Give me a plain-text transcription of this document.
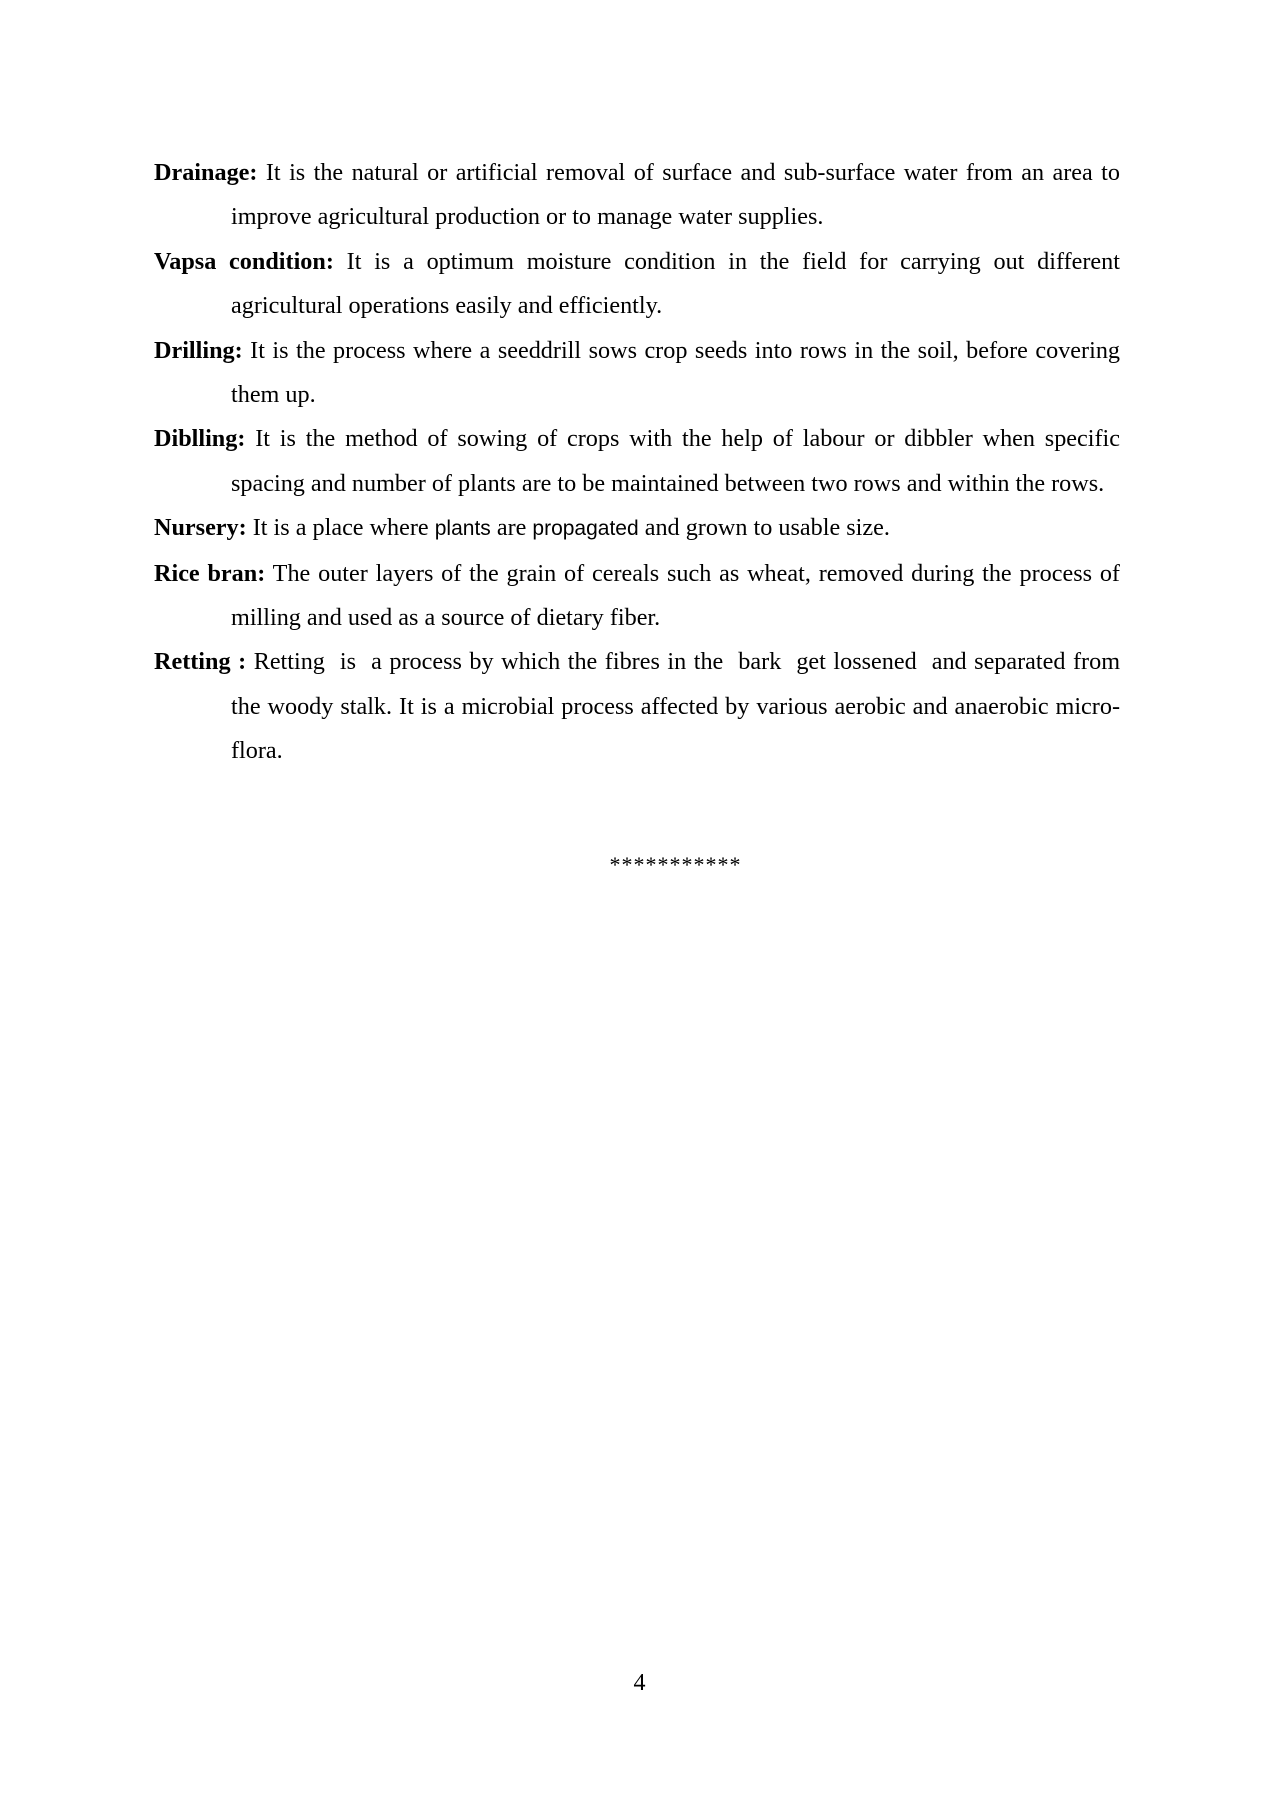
Drainage: It is the natural or artificial removal of surface and sub-surface water from an area to improve agricultural production or to manage water supplies.

Vapsa condition: It is a optimum moisture condition in the field for carrying out different agricultural operations easily and efficiently.

Drilling: It is the process where a seeddrill sows crop seeds into rows in the soil, before covering them up.

Diblling: It is the method of sowing of crops with the help of labour or dibbler when specific spacing and number of plants are to be maintained between two rows and within the rows.

Nursery: It is a place where plants are propagated and grown to usable size.

Rice bran: The outer layers of the grain of cereals such as wheat, removed during the process of milling and used as a source of dietary fiber.

Retting : Retting  is  a process by which the fibres in the  bark  get lossened  and separated from the woody stalk. It is a microbial process affected by various aerobic and anaerobic micro-flora.

***********
4
